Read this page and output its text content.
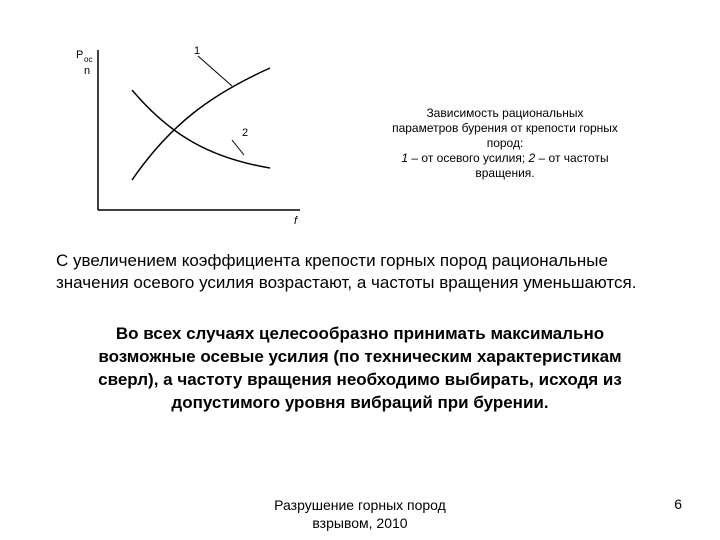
P ос
n
f
1
2
Зависимость рациональных
параметров бурения от крепости горных
пород:
1 – от осевого усилия; 2 – от частоты
вращения.
С увеличением коэффициента крепости горных пород рациональные
значения осевого усилия возрастают, а частоты вращения уменьшаются.
Во всех случаях целесообразно принимать максимально
возможные осевые усилия (по техническим характеристикам
сверл), а частоту вращения необходимо выбирать, исходя из
допустимого уровня вибраций при бурении.
Разрушение горных пород
взрывом, 2010
6
